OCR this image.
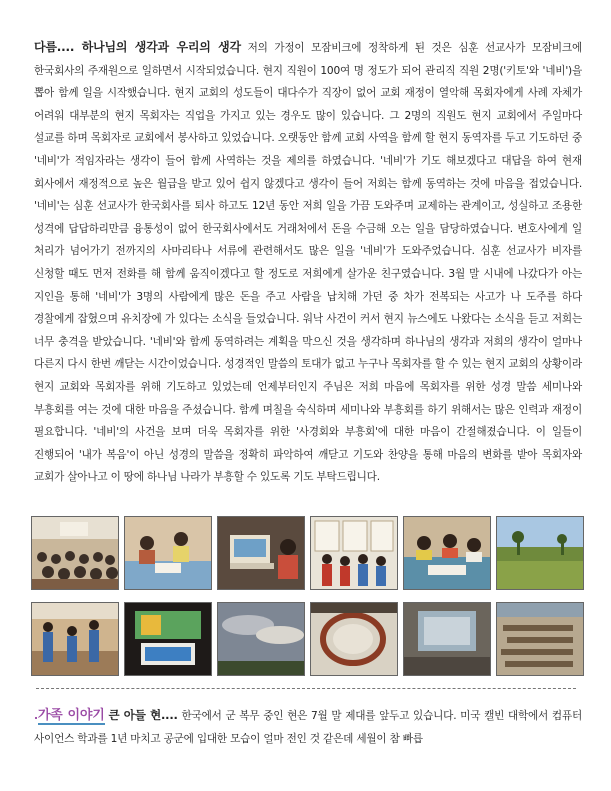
다름.... 하나님의 생각과 우리의 생각 저의 가정이 모잠비크에 정착하게 된 것은 심훈 선교사가 모잠비크에 한국회사의 주재원으로 일하면서 시작되었습니다. 현지 직원이 100여 명 정도가 되어 관리직 직원 2명('키토'와 '네비')을 뽑아 함께 일을 시작했습니다. 현지 교회의 성도들이 대다수가 직장이 없어 교회 재정이 열악해 목회자에게 사례 자체가 어려워 대부분의 현지 목회자는 직업을 가지고 있는 경우도 많이 있습니다. 그 2명의 직원도 현지 교회에서 주일마다 설교를 하며 목회자로 교회에서 봉사하고 있었습니다. 오랫동안 함께 교회 사역을 함께 할 현지 동역자를 두고 기도하던 중 '네비'가 적임자라는 생각이 들어 함께 사역하는 것을 제의를 하였습니다. '네비'가 기도 해보겠다고 대답을 하여 현재 회사에서 재정적으로 높은 월급을 받고 있어 쉽지 않겠다고 생각이 들어 저희는 함께 동역하는 것에 마음을 접었습니다. '네비'는 심훈 선교사가 한국회사를 퇴사 하고도 12년 동안 저희 일을 가끔 도와주며 교제하는 관계이고, 성실하고 조용한 성격에 답답하리만큼 융통성이 없어 한국회사에서도 거래처에서 돈을 수금해 오는 일을 담당하였습니다. 변호사에게 일 처리가 넘어가기 전까지의 사마리타나 서류에 관련해서도 많은 일을 '네비'가 도와주었습니다. 심훈 선교사가 비자를 신청할 때도 먼저 전화를 해 함께 움직이겠다고 할 정도로 저희에게 살가운 친구였습니다. 3월 말 시내에 나갔다가 아는 지인을 통해 '네비'가 3명의 사람에게 많은 돈을 주고 사람을 납치해 가던 중 차가 전복되는 사고가 나 도주를 하다 경찰에게 잡혔으며 유치장에 가 있다는 소식을 들었습니다. 워낙 사건이 커서 현지 뉴스에도 나왔다는 소식을 듣고 저희는 너무 충격을 받았습니다. '네비'와 함께 동역하려는 계획을 막으신 것을 생각하며 하나님의 생각과 저희의 생각이 얼마나 다른지 다시 한번 깨닫는 시간이었습니다. 성경적인 말씀의 토대가 없고 누구나 목회자를 할 수 있는 현지 교회의 상황이라 현지 교회와 목회자를 위해 기도하고 있었는데 언제부터인지 주님은 저희 마음에 목회자를 위한 성경 말씀 세미나와 부흥회를 여는 것에 대한 마음을 주셨습니다. 함께 며칠을 숙식하며 세미나와 부흥회를 하기 위해서는 많은 인력과 재정이 필요합니다. '네비'의 사건을 보며 더욱 목회자를 위한 '사경회와 부흥회'에 대한 마음이 간절해졌습니다. 이 일들이 진행되어 '내가 복음'이 아닌 성경의 말씀을 정확히 파악하여 깨닫고 기도와 찬양을 통해 마음의 변화를 받아 목회자와 교회가 살아나고 이 땅에 하나님 나라가 부흥할 수 있도록 기도 부탁드립니다.
.가족 이야기 큰 아들 현.... 한국에서 군 복무 중인 현은 7월 말 제대를 앞두고 있습니다. 미국 캘빈 대학에서 컴퓨터 사이언스 학과를 1년 마치고 공군에 입대한 모습이 얼마 전인 것 같은데 세월이 참 빠릅
